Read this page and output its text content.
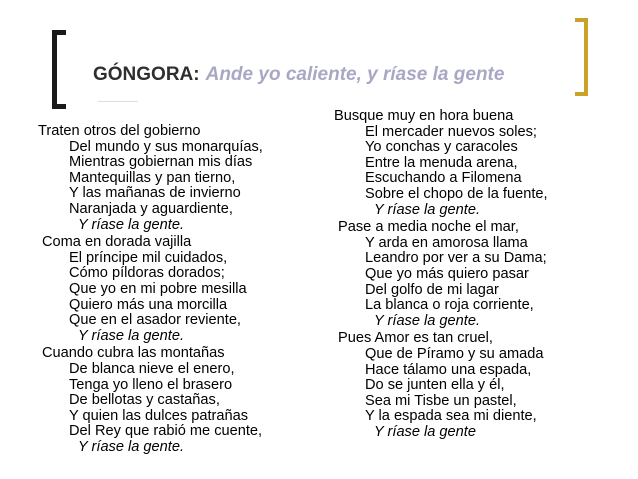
GÓNGORA: Ande yo caliente, y ríase la gente
Traten otros del gobierno
Del mundo y sus monarquías,
Mientras gobiernan mis días
Mantequillas y pan tierno,
Y las mañanas de invierno
Naranjada y aguardiente,
Y ríase la gente.
Coma en dorada vajilla
El príncipe mil cuidados,
Cómo píldoras dorados;
Que yo en mi pobre mesilla
Quiero más una morcilla
Que en el asador reviente,
Y ríase la gente.
Cuando cubra las montañas
De blanca nieve el enero,
Tenga yo lleno el brasero
De bellotas y castañas,
Y quien las dulces patrañas
Del Rey que rabió me cuente,
Y ríase la gente.
Busque muy en hora buena
El mercader nuevos soles;
Yo conchas y caracoles
Entre la menuda arena,
Escuchando a Filomena
Sobre el chopo de la fuente,
Y ríase la gente.
Pase a media noche el mar,
Y arda en amorosa llama
Leandro por ver a su Dama;
Que yo más quiero pasar
Del golfo de mi lagar
La blanca o roja corriente,
Y ríase la gente.
Pues Amor es tan cruel,
Que de Píramo y su amada
Hace tálamo una espada,
Do se junten ella y él,
Sea mi Tisbe un pastel,
Y la espada sea mi diente,
Y ríase la gente
